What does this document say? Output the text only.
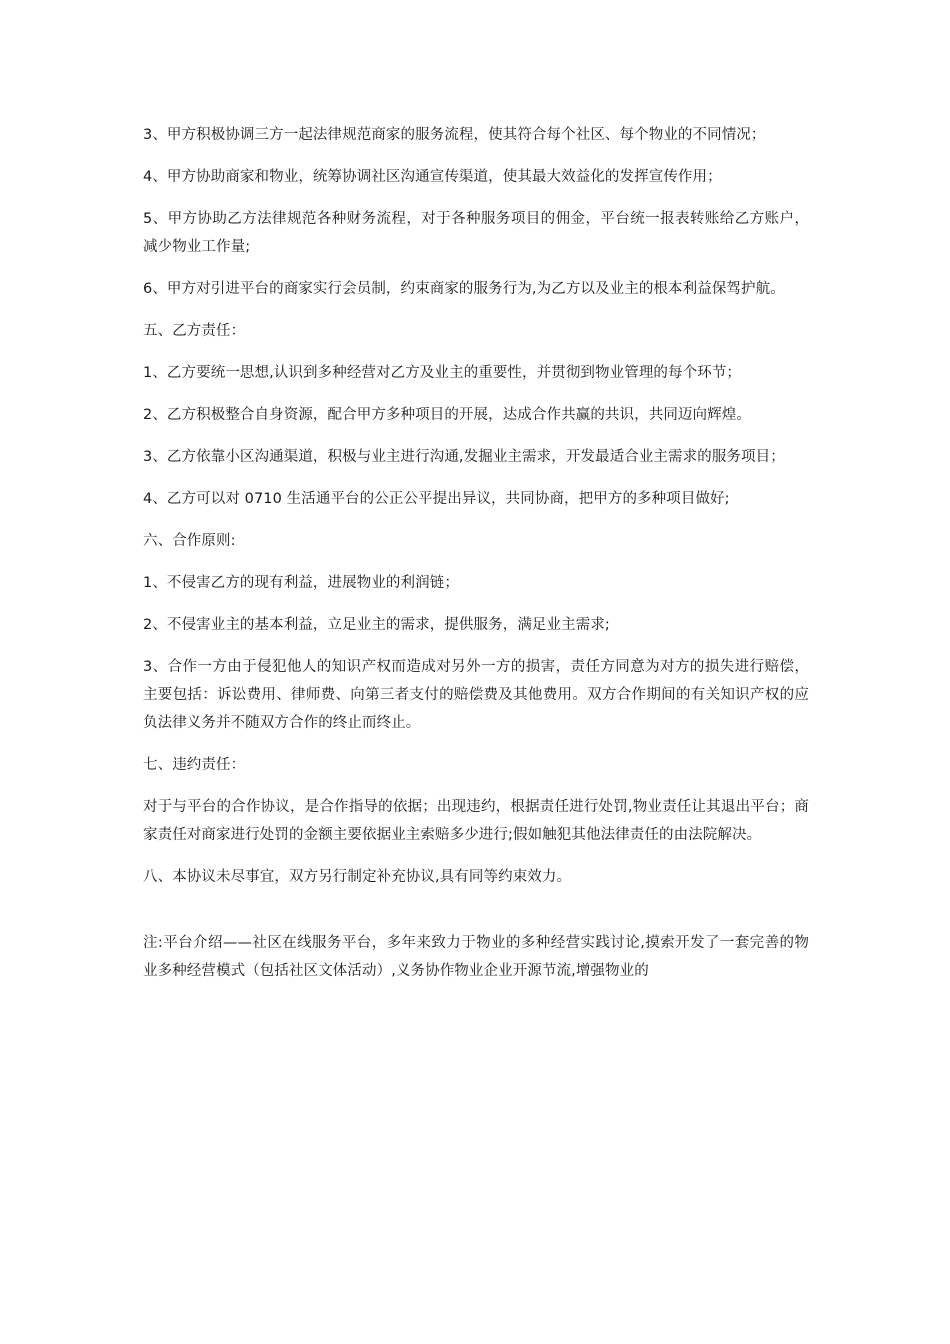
3、甲方积极协调三方一起法律规范商家的服务流程，使其符合每个社区、每个物业的不同情况；

4、甲方协助商家和物业，统筹协调社区沟通宣传渠道，使其最大效益化的发挥宣传作用；

5、甲方协助乙方法律规范各种财务流程，对于各种服务项目的佣金，平台统一报表转账给乙方账户，减少物业工作量;

6、甲方对引进平台的商家实行会员制，约束商家的服务行为,为乙方以及业主的根本利益保驾护航。

五、乙方责任：

1、乙方要统一思想,认识到多种经营对乙方及业主的重要性，并贯彻到物业管理的每个环节；

2、乙方积极整合自身资源，配合甲方多种项目的开展，达成合作共赢的共识，共同迈向辉煌。

3、乙方依靠小区沟通渠道，积极与业主进行沟通,发掘业主需求，开发最适合业主需求的服务项目；

4、乙方可以对 0710 生活通平台的公正公平提出异议，共同协商，把甲方的多种项目做好;

六、合作原则:

1、不侵害乙方的现有利益，进展物业的利润链；

2、不侵害业主的基本利益，立足业主的需求，提供服务，满足业主需求;

3、合作一方由于侵犯他人的知识产权而造成对另外一方的损害，责任方同意为对方的损失进行赔偿，主要包括：诉讼费用、律师费、向第三者支付的赔偿费及其他费用。双方合作期间的有关知识产权的应负法律义务并不随双方合作的终止而终止。

七、违约责任：

对于与平台的合作协议，是合作指导的依据；出现违约，根据责任进行处罚,物业责任让其退出平台；商家责任对商家进行处罚的金额主要依据业主索赔多少进行;假如触犯其他法律责任的由法院解决。

八、本协议未尽事宜，双方另行制定补充协议,具有同等约束效力。

注:平台介绍——社区在线服务平台，多年来致力于物业的多种经营实践讨论,摸索开发了一套完善的物业多种经营模式（包括社区文体活动）,义务协作物业企业开源节流,增强物业的
